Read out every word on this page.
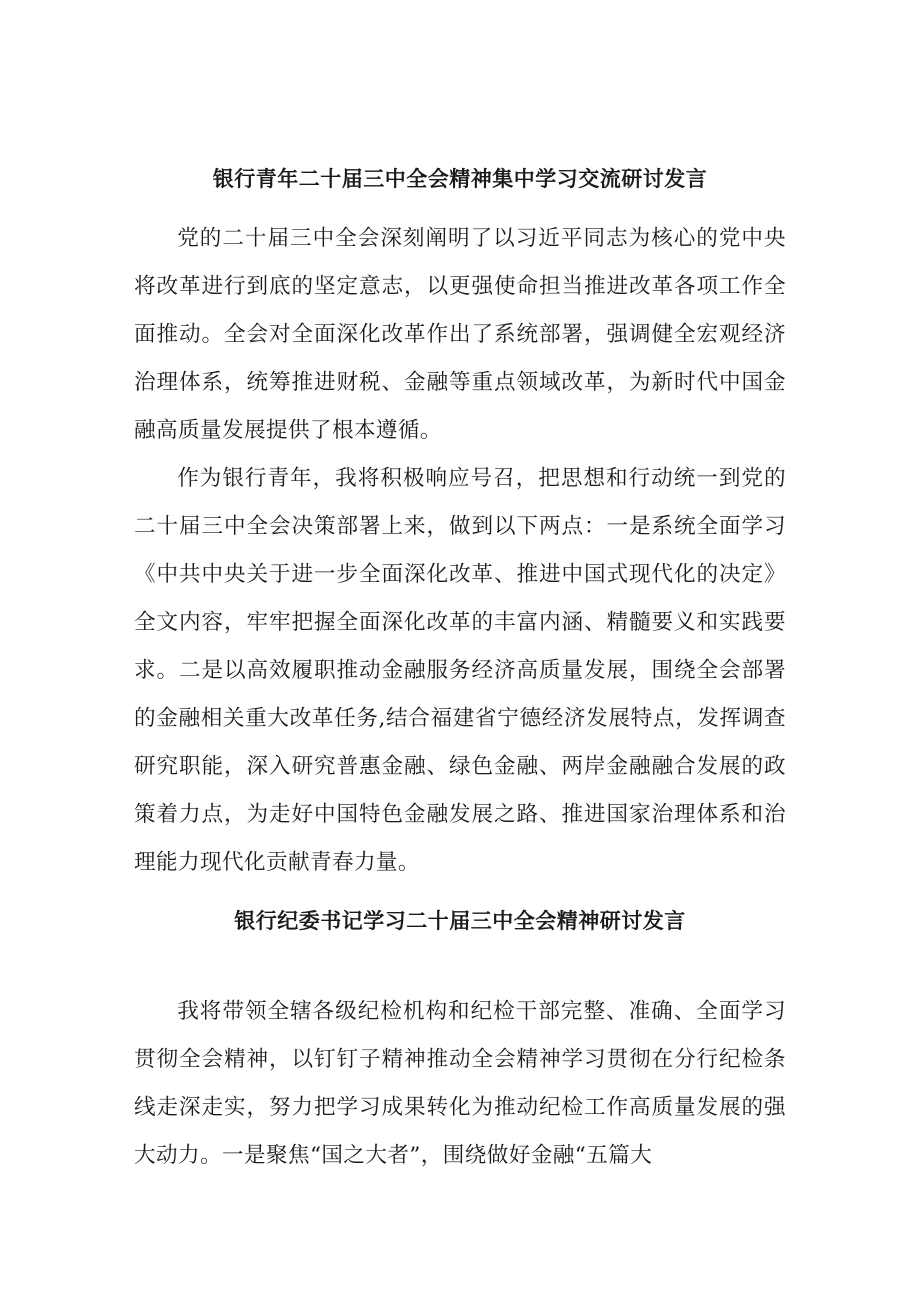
银行青年二十届三中全会精神集中学习交流研讨发言

党的二十届三中全会深刻阐明了以习近平同志为核心的党中央将改革进行到底的坚定意志，以更强使命担当推进改革各项工作全面推动。全会对全面深化改革作出了系统部署，强调健全宏观经济治理体系，统筹推进财税、金融等重点领域改革，为新时代中国金融高质量发展提供了根本遵循。

作为银行青年，我将积极响应号召，把思想和行动统一到党的二十届三中全会决策部署上来，做到以下两点：一是系统全面学习《中共中央关于进一步全面深化改革、推进中国式现代化的决定》全文内容，牢牢把握全面深化改革的丰富内涵、精髓要义和实践要求。二是以高效履职推动金融服务经济高质量发展，围绕全会部署的金融相关重大改革任务,结合福建省宁德经济发展特点，发挥调查研究职能，深入研究普惠金融、绿色金融、两岸金融融合发展的政策着力点，为走好中国特色金融发展之路、推进国家治理体系和治理能力现代化贡献青春力量。

银行纪委书记学习二十届三中全会精神研讨发言

我将带领全辖各级纪检机构和纪检干部完整、准确、全面学习贯彻全会精神，以钉钉子精神推动全会精神学习贯彻在分行纪检条线走深走实，努力把学习成果转化为推动纪检工作高质量发展的强大动力。一是聚焦“国之大者”，围绕做好金融“五篇大
